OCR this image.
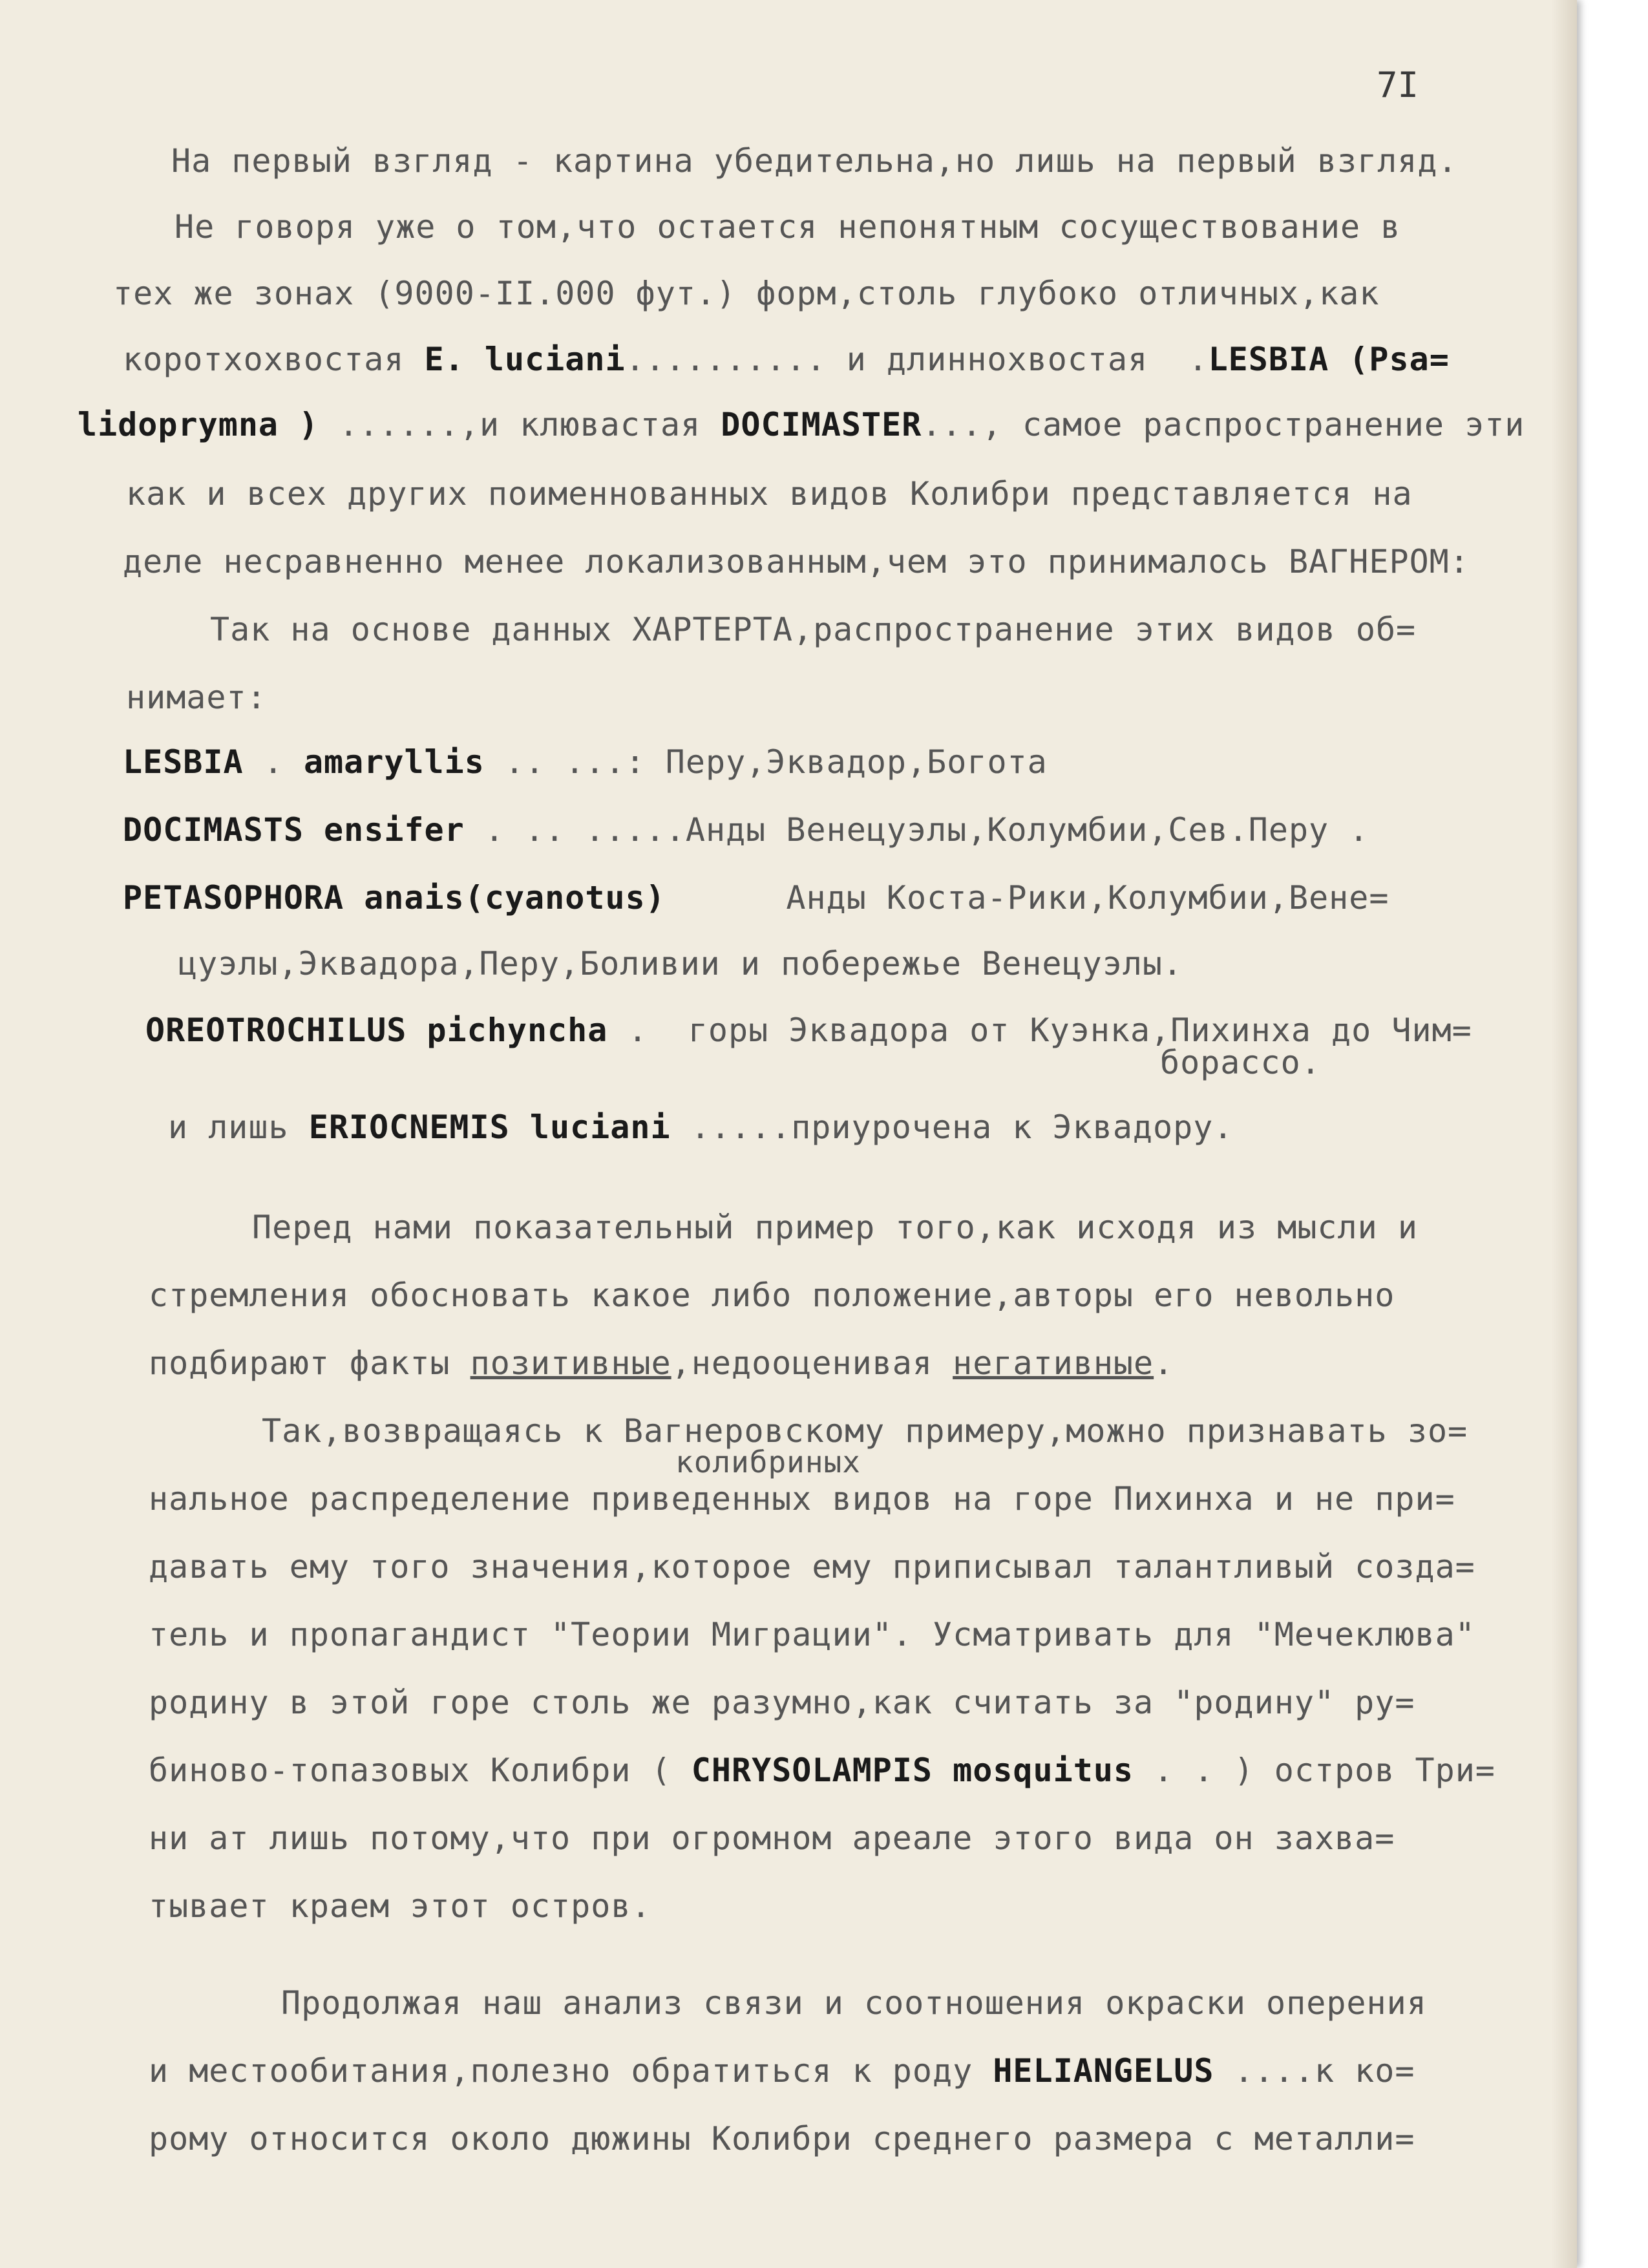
7I
На первый взгляд - картина убедительна,но лишь на первый взгляд.
Не говоря уже о том,что остается непонятным сосуществование в
тех же зонах (9000-II.000 фут.) форм,столь глубоко отличных,как
коротхохвостая E. luciani.......... и длиннохвостая  .LESBIA (Psa=
lidoprymna ) ......,и клювастая DOCIMASTER..., самое распространение эти
как и всех других поименнованных видов Колибри представляется на
деле несравненно менее локализованным,чем это принималось ВАГНЕРОМ:
Так на основе данных ХАРТЕРТА,распространение этих видов об=
нимает:
LESBIA . amaryllis .. ...: Перу,Эквадор,Богота
DOCIMASTS ensifer . .. .....Анды Венецуэлы,Колумбии,Сев.Перу .
PETASOPHORA anais(cyanotus)      Анды Коста-Рики,Колумбии,Вене=
цуэлы,Эквадора,Перу,Боливии и побережье Венецуэлы.
OREOTROCHILUS pichyncha .  горы Эквадора от Куэнка,Пихинха до Чим=
борассо.
и лишь ERIOCNEMIS luciani .....приурочена к Эквадору.
Перед нами показательный пример того,как исходя из мысли и
стремления обосновать какое либо положение,авторы его невольно
подбирают факты позитивные,недооценивая негативные.
Так,возвращаясь к Вагнеровскому примеру,можно признавать зо=
колибриных
нальное распределение приведенных видов на горе Пихинха и не при=
давать ему того значения,которое ему приписывал талантливый созда=
тель и пропагандист "Теории Миграции". Усматривать для "Мечеклюва"
родину в этой горе столь же разумно,как считать за "родину" ру=
биново-топазовых Колибри ( CHRYSOLAMPIS mosquitus . . ) остров Три=
ни ат лишь потому,что при огромном ареале этого вида он захва=
тывает краем этот остров.
Продолжая наш анализ связи и соотношения окраски оперения
и местообитания,полезно обратиться к роду HELIANGELUS ....к ко=
рому относится около дюжины Колибри среднего размера с металли=
